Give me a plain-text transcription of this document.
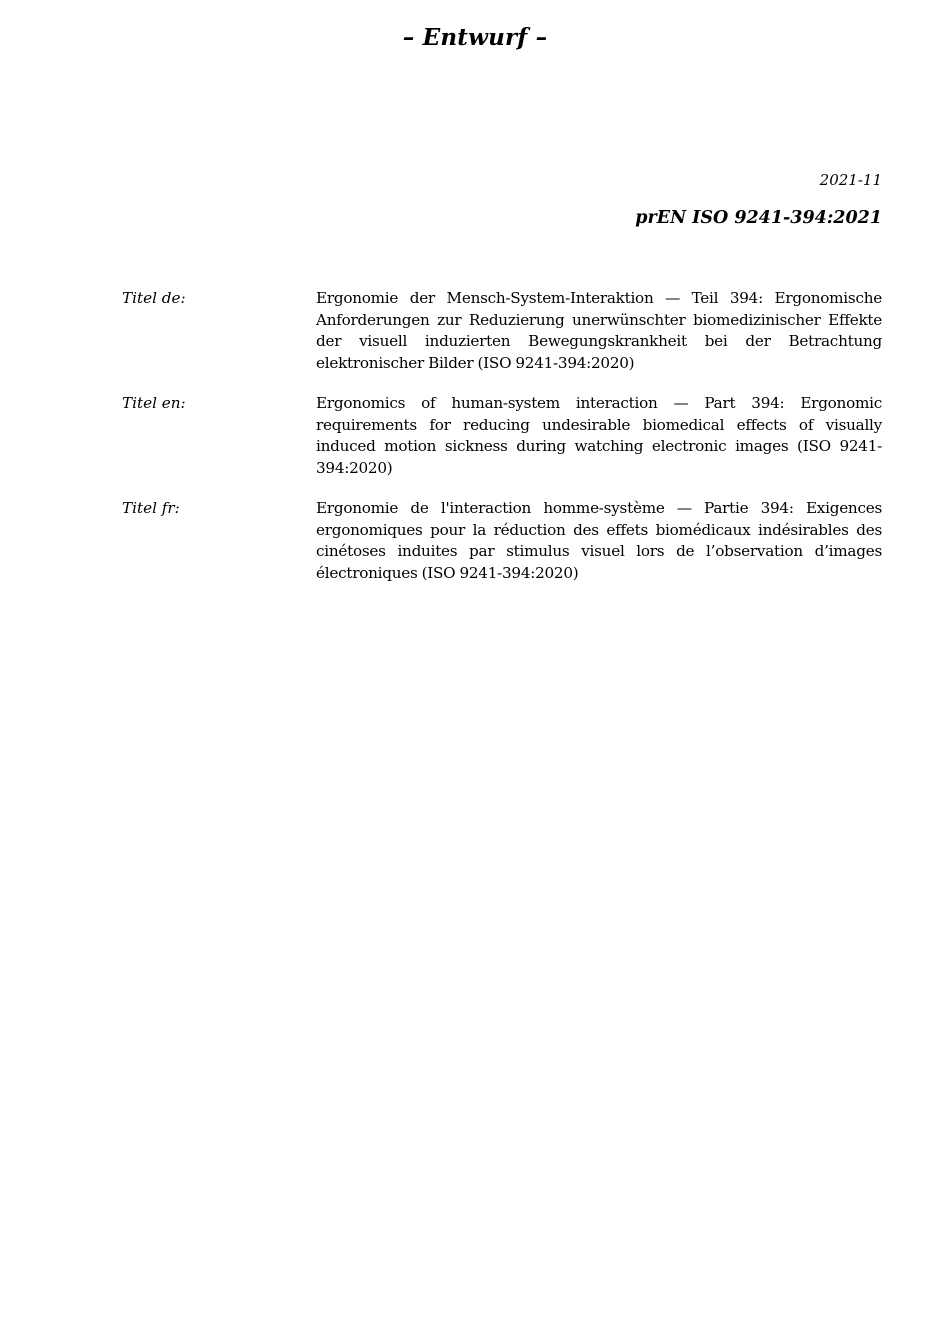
– Entwurf –
2021-11
prEN ISO 9241-394:2021
Titel de:	Ergonomie der Mensch-System-Interaktion — Teil 394: Ergonomische Anforderungen zur Reduzierung unerwünschter biomedizinischer Effekte der visuell induzierten Bewegungskrankheit bei der Betrachtung elektronischer Bilder (ISO 9241-394:2020)
Titel en:	Ergonomics of human-system interaction — Part 394: Ergonomic requirements for reducing undesirable biomedical effects of visually induced motion sickness during watching electronic images (ISO 9241-394:2020)
Titel fr:	Ergonomie de l'interaction homme-système — Partie 394: Exigences ergonomiques pour la réduction des effets biomédicaux indésirables des cinétoses induites par stimulus visuel lors de l’observation d’images électroniques (ISO 9241-394:2020)
